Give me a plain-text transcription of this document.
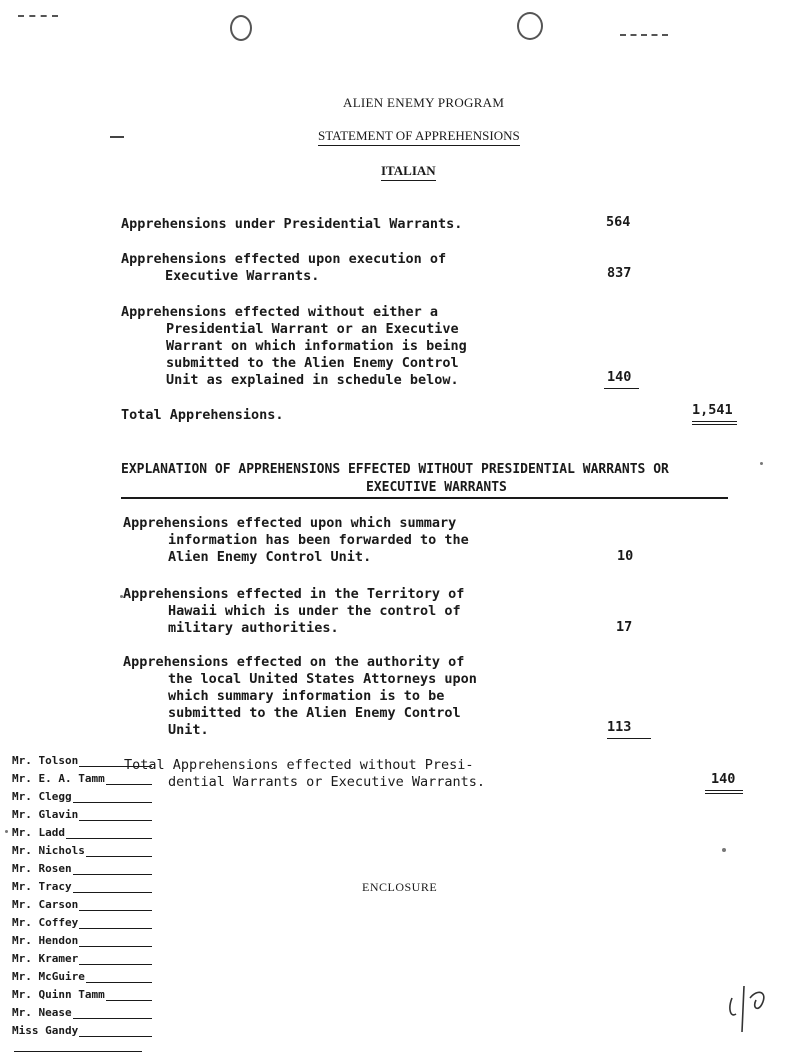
ALIEN ENEMY PROGRAM
STATEMENT OF APPREHENSIONS
ITALIAN
Apprehensions under Presidential Warrants.	564
Apprehensions effected upon execution of
Executive Warrants.	837
Apprehensions effected without either a
Presidential Warrant or an Executive
Warrant on which information is being
submitted to the Alien Enemy Control
Unit as explained in schedule below.	140
Total Apprehensions.	1,541
EXPLANATION OF APPREHENSIONS EFFECTED WITHOUT PRESIDENTIAL WARRANTS OR
EXECUTIVE WARRANTS
Apprehensions effected upon which summary
information has been forwarded to the
Alien Enemy Control Unit.	10
Apprehensions effected in the Territory of
Hawaii which is under the control of
military authorities.	17
Apprehensions effected on the authority of
the local United States Attorneys upon
which summary information is to be
submitted to the Alien Enemy Control
Unit.	113
Total Apprehensions effected without Presi-
dential Warrants or Executive Warrants.	140
ENCLOSURE
Mr. Tolson
Mr. E. A. Tamm
Mr. Clegg
Mr. Glavin
Mr. Ladd
Mr. Nichols
Mr. Rosen
Mr. Tracy
Mr. Carson
Mr. Coffey
Mr. Hendon
Mr. Kramer
Mr. McGuire
Mr. Quinn Tamm
Mr. Nease
Miss Gandy
